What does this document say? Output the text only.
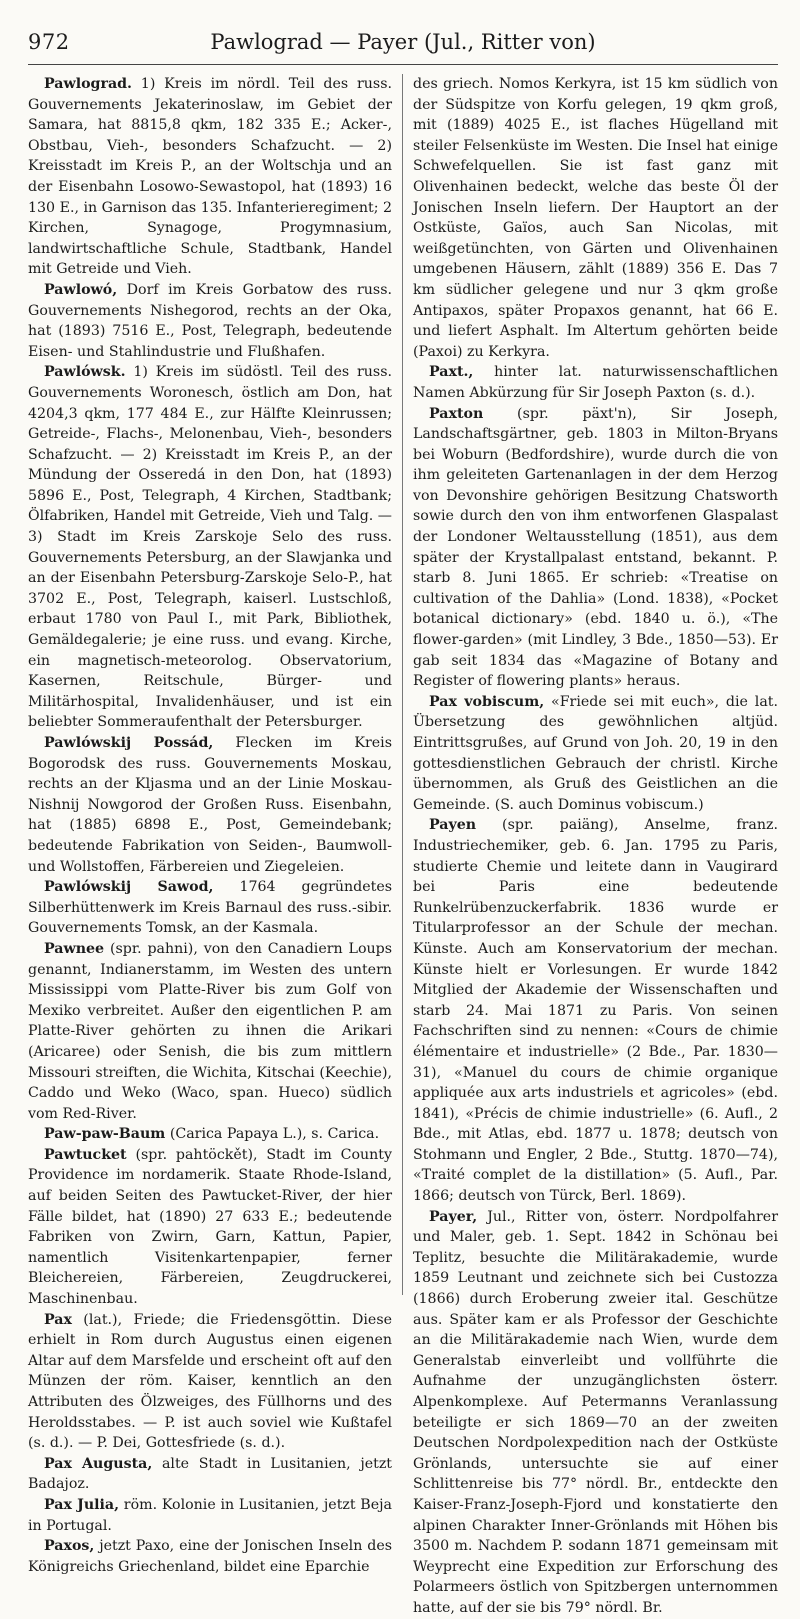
972	Pawlograd — Payer (Jul., Ritter von)

Pawlograd. 1) Kreis im nördl. Teil des russ. Gouvernements Jekaterinoslaw, im Gebiet der Samara, hat 8815,8 qkm, 182 335 E.; Acker-, Obstbau, Vieh-, besonders Schafzucht. — 2) Kreisstadt im Kreis P., an der Woltschja und an der Eisenbahn Losowo-Sewastopol, hat (1893) 16 130 E., in Garnison das 135. Infanterieregiment; 2 Kirchen, Synagoge, Progymnasium, landwirtschaftliche Schule, Stadtbank, Handel mit Getreide und Vieh.

Pawlowó, Dorf im Kreis Gorbatow des russ. Gouvernements Nishegorod, rechts an der Oka, hat (1893) 7516 E., Post, Telegraph, bedeutende Eisen- und Stahlindustrie und Flußhafen.

Pawlówsk. 1) Kreis im südöstl. Teil des russ. Gouvernements Woronesch, östlich am Don, hat 4204,3 qkm, 177 484 E., zur Hälfte Kleinrussen; Getreide-, Flachs-, Melonenbau, Vieh-, besonders Schafzucht. — 2) Kreisstadt im Kreis P., an der Mündung der Osseredá in den Don, hat (1893) 5896 E., Post, Telegraph, 4 Kirchen, Stadtbank; Ölfabriken, Handel mit Getreide, Vieh und Talg. — 3) Stadt im Kreis Zarskoje Selo des russ. Gouvernements Petersburg, an der Slawjanka und an der Eisenbahn Petersburg-Zarskoje Selo-P., hat 3702 E., Post, Telegraph, kaiserl. Lustschloß, erbaut 1780 von Paul I., mit Park, Bibliothek, Gemäldegalerie; je eine russ. und evang. Kirche, ein magnetisch-meteorolog. Observatorium, Kasernen, Reitschule, Bürger- und Militärhospital, Invalidenhäuser, und ist ein beliebter Sommeraufenthalt der Petersburger.

Pawlówskij Possád, Flecken im Kreis Bogorodsk des russ. Gouvernements Moskau, rechts an der Kljasma und an der Linie Moskau-Nishnij Nowgorod der Großen Russ. Eisenbahn, hat (1885) 6898 E., Post, Gemeindebank; bedeutende Fabrikation von Seiden-, Baumwoll- und Wollstoffen, Färbereien und Ziegeleien.

Pawlówskij Sawod, 1764 gegründetes Silberhüttenwerk im Kreis Barnaul des russ.-sibir. Gouvernements Tomsk, an der Kasmala.

Pawnee (spr. pahni), von den Canadiern Loups genannt, Indianerstamm, im Westen des untern Mississippi vom Platte-River bis zum Golf von Mexiko verbreitet. Außer den eigentlichen P. am Platte-River gehörten zu ihnen die Arikari (Aricaree) oder Senish, die bis zum mittlern Missouri streiften, die Wichita, Kitschai (Keechie), Caddo und Weko (Waco, span. Hueco) südlich vom Red-River.

Paw-paw-Baum (Carica Papaya L.), s. Carica.

Pawtucket (spr. pahtöckět), Stadt im County Providence im nordamerik. Staate Rhode-Island, auf beiden Seiten des Pawtucket-River, der hier Fälle bildet, hat (1890) 27 633 E.; bedeutende Fabriken von Zwirn, Garn, Kattun, Papier, namentlich Visitenkartenpapier, ferner Bleichereien, Färbereien, Zeugdruckerei, Maschinenbau.

Pax (lat.), Friede; die Friedensgöttin. Diese erhielt in Rom durch Augustus einen eigenen Altar auf dem Marsfelde und erscheint oft auf den Münzen der röm. Kaiser, kenntlich an den Attributen des Ölzweiges, des Füllhorns und des Heroldsstabes. — P. ist auch soviel wie Kußtafel (s. d.). — P. Dei, Gottesfriede (s. d.).

Pax Augusta, alte Stadt in Lusitanien, jetzt Badajoz.

Pax Julia, röm. Kolonie in Lusitanien, jetzt Beja in Portugal.

Paxos, jetzt Paxo, eine der Jonischen Inseln des Königreichs Griechenland, bildet eine Eparchie

des griech. Nomos Kerkyra, ist 15 km südlich von der Südspitze von Korfu gelegen, 19 qkm groß, mit (1889) 4025 E., ist flaches Hügelland mit steiler Felsenküste im Westen. Die Insel hat einige Schwefelquellen. Sie ist fast ganz mit Olivenhainen bedeckt, welche das beste Öl der Jonischen Inseln liefern. Der Hauptort an der Ostküste, Gaïos, auch San Nicolas, mit weißgetünchten, von Gärten und Olivenhainen umgebenen Häusern, zählt (1889) 356 E. Das 7 km südlicher gelegene und nur 3 qkm große Antipaxos, später Propaxos genannt, hat 66 E. und liefert Asphalt. Im Altertum gehörten beide (Paxoi) zu Kerkyra.

Paxt., hinter lat. naturwissenschaftlichen Namen Abkürzung für Sir Joseph Paxton (s. d.).

Paxton (spr. päxt'n), Sir Joseph, Landschaftsgärtner, geb. 1803 in Milton-Bryans bei Woburn (Bedfordshire), wurde durch die von ihm geleiteten Gartenanlagen in der dem Herzog von Devonshire gehörigen Besitzung Chatsworth sowie durch den von ihm entworfenen Glaspalast der Londoner Weltausstellung (1851), aus dem später der Krystallpalast entstand, bekannt. P. starb 8. Juni 1865. Er schrieb: «Treatise on cultivation of the Dahlia» (Lond. 1838), «Pocket botanical dictionary» (ebd. 1840 u. ö.), «The flower-garden» (mit Lindley, 3 Bde., 1850—53). Er gab seit 1834 das «Magazine of Botany and Register of flowering plants» heraus.

Pax vobiscum, «Friede sei mit euch», die lat. Übersetzung des gewöhnlichen altjüd. Eintrittsgrußes, auf Grund von Joh. 20, 19 in den gottesdienstlichen Gebrauch der christl. Kirche übernommen, als Gruß des Geistlichen an die Gemeinde. (S. auch Dominus vobiscum.)

Payen (spr. paiäng), Anselme, franz. Industriechemiker, geb. 6. Jan. 1795 zu Paris, studierte Chemie und leitete dann in Vaugirard bei Paris eine bedeutende Runkelrübenzuckerfabrik. 1836 wurde er Titularprofessor an der Schule der mechan. Künste. Auch am Konservatorium der mechan. Künste hielt er Vorlesungen. Er wurde 1842 Mitglied der Akademie der Wissenschaften und starb 24. Mai 1871 zu Paris. Von seinen Fachschriften sind zu nennen: «Cours de chimie élémentaire et industrielle» (2 Bde., Par. 1830—31), «Manuel du cours de chimie organique appliquée aux arts industriels et agricoles» (ebd. 1841), «Précis de chimie industrielle» (6. Aufl., 2 Bde., mit Atlas, ebd. 1877 u. 1878; deutsch von Stohmann und Engler, 2 Bde., Stuttg. 1870—74), «Traité complet de la distillation» (5. Aufl., Par. 1866; deutsch von Türck, Berl. 1869).

Payer, Jul., Ritter von, österr. Nordpolfahrer und Maler, geb. 1. Sept. 1842 in Schönau bei Teplitz, besuchte die Militärakademie, wurde 1859 Leutnant und zeichnete sich bei Custozza (1866) durch Eroberung zweier ital. Geschütze aus. Später kam er als Professor der Geschichte an die Militärakademie nach Wien, wurde dem Generalstab einverleibt und vollführte die Aufnahme der unzugänglichsten österr. Alpenkomplexe. Auf Petermanns Veranlassung beteiligte er sich 1869—70 an der zweiten Deutschen Nordpolexpedition nach der Ostküste Grönlands, untersuchte sie auf einer Schlittenreise bis 77° nördl. Br., entdeckte den Kaiser-Franz-Joseph-Fjord und konstatierte den alpinen Charakter Inner-Grönlands mit Höhen bis 3500 m. Nachdem P. sodann 1871 gemeinsam mit Weyprecht eine Expedition zur Erforschung des Polarmeers östlich von Spitzbergen unternommen hatte, auf der sie bis 79° nördl. Br.
